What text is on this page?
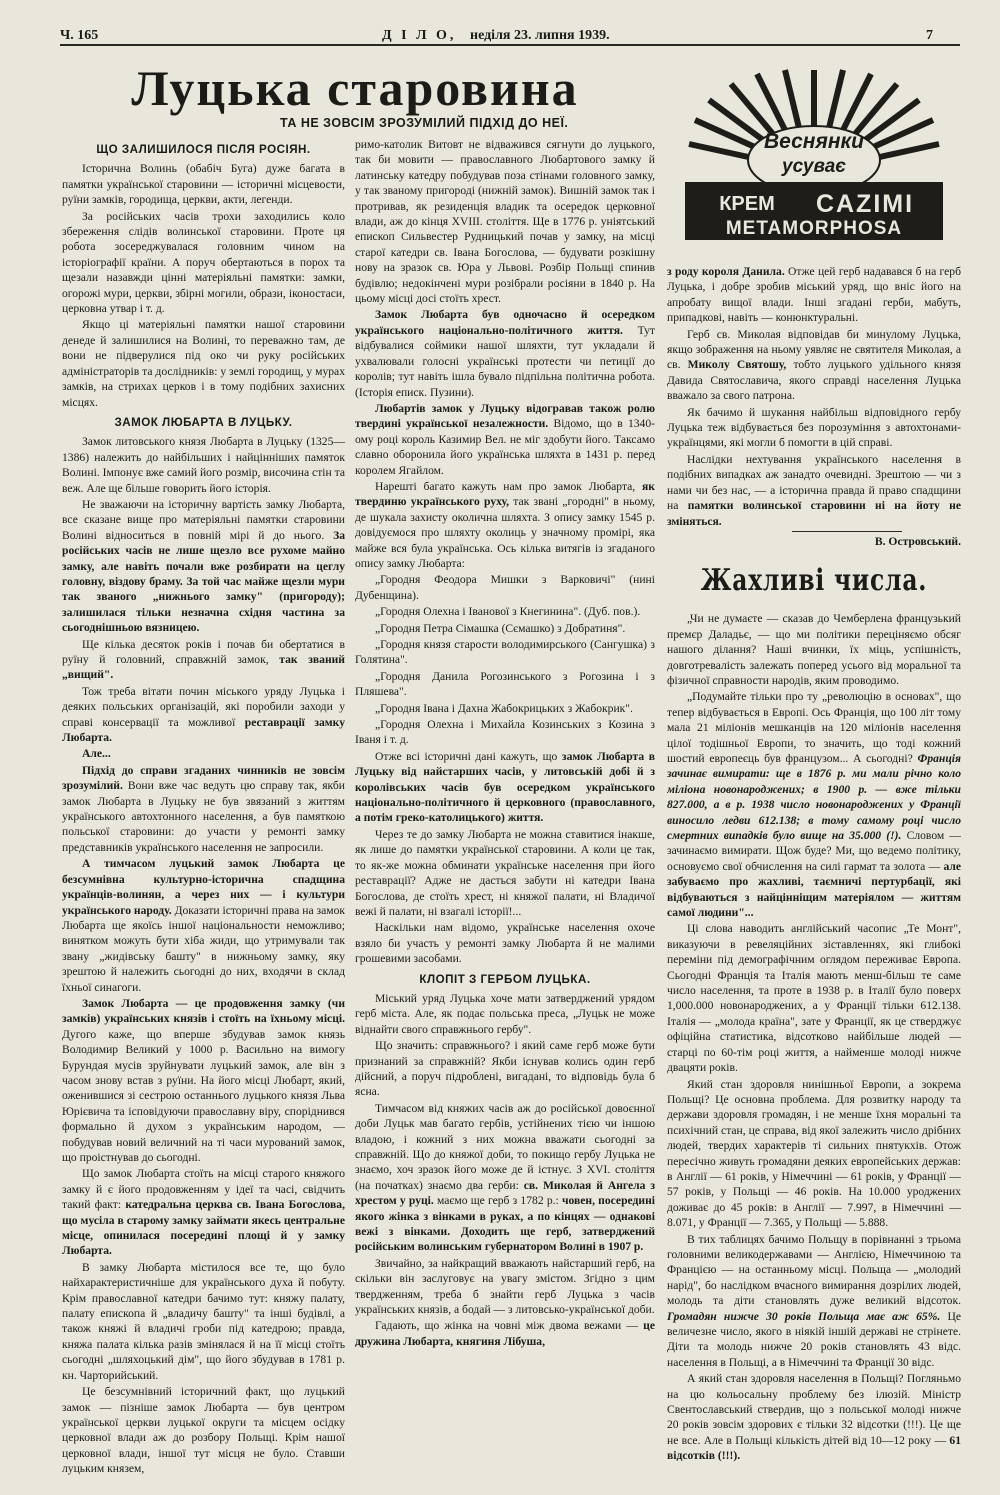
Ч. 165	Д І Л О, неділя 23. липня 1939.	7
Луцька старовина
ТА НЕ ЗОВСІМ ЗРОЗУМІЛИЙ ПІДХІД ДО НЕЇ.
Веснянки
усуває
КРЕМ CAZIMI
METAMORPHOSA
ЩО ЗАЛИШИЛОСЯ ПІСЛЯ РОСІЯН.

Історична Волинь (обабіч Буга) дуже багата в памятки української старовини — історичні місцевости, руїни замків, городища, церкви, акти, легенди.

За російських часів трохи заходились коло збереження слідів волинської старовини. Проте ця робота зосереджувалася головним чином на історіографії країни. А поруч обертаються в порох та щезали назавжди цінні матеріяльні памятки: замки, огорожі мури, церкви, збірні могили, образи, іконостаси, церковна утвар і т. д.

Якщо ці матеріяльні памятки нашої старовини денеде й залишилися на Волині, то переважно там, де вони не підверулися під око чи руку російських адміністраторів та дослідників: у землі городищ, у мурах замків, на стрихах церков і в тому подібних захисних місцях.

ЗАМОК ЛЮБАРТА В ЛУЦЬКУ.

Замок литовського князя Любарта в Луцьку (1325—1386) належить до найбільших і найцінніших памяток Волині. Імпонує вже самий його розмір, височина стін та веж. Але ще більше говорить його історія.

Не зважаючи на історичну вартість замку Любарта, все сказане вище про матеріяльні памятки старовини Волині відноситься в повній мірі й до нього. За російських часів не лише щезло все рухоме майно замку, але навіть почали вже розбирати на цеглу головну, віздову браму. За той час майже щезли мури так званого „нижнього замку" (пригороду); залишилася тільки незначна східня частина за сьогоднішньою вязницею.

Ще кілька десяток років і почав би обертатися в руїну й головний, справжній замок, так званий „вищий".

Тож треба вітати почин міського уряду Луцька і деяких польських організацій, які поробили заходи у справі консервації та можливої реставрації замку Любарта.

Але...

Підхід до справи згаданих чинників не зовсім зрозумілий. Вони вже час ведуть цю справу так, якби замок Любарта в Луцьку не був звязаний з життям українського автохтонного населення, а був памяткою польської старовини: до участи у ремонті замку представників українського населення не запросили.

А тимчасом луцький замок Любарта це безсумнівна культурно-історична спадщина українців-волинян, а через них — і культури українського народу. Доказати історичні права на замок Любарта ще якоїсь іншої національности неможливо; винятком можуть бути хіба жиди, що утримували так звану „жидівську башту" в нижньому замку, яку зрештою й належить сьогодні до них, входячи в склад їхньої синагоги.

Замок Любарта — це продовження замку (чи замків) українських князів і стоїть на їхньому місці. Дугого каже, що вперше збудував замок князь Володимир Великий у 1000 р. Васильно на вимогу Бурундая мусів зруйнувати луцький замок, але він з часом знову встав з руїни. На його місці Любарт, який, оженившися зі сестрою останнього луцького князя Льва Юрієвича та ісповідуючи православну віру, споріднився формально й духом з українським народом, — побудував новий величний на ті часи мурований замок, що проістнував до сьогодні.

Що замок Любарта стоїть на місці старого княжого замку й є його продовженням у ідеї та часі, свідчить такий факт: катедральна церква св. Івана Богослова, що мусіла в старому замку займати якесь центральне місце, опинилася посередині площі й у замку Любарта.

В замку Любарта містилося все те, що було найхарактеристичніше для українського духа й побуту. Крім православної катедри бачимо тут: княжу палату, палату епископа й „владичу башту" та інші будівлі, а також княжі й владичі гроби під катедрою; правда, княжа палата кілька разів змінялася й на її місці стоїть сьогодні „шляхоцький дім", що його збудував в 1781 р. кн. Чарторийський.

Це безсумнівний історичний факт, що луцький замок — пізніше замок Любарта — був центром української церкви луцької округи та місцем осідку церковної влади аж до розбору Польщі. Крім нашої церковної влади, іншої тут місця не було. Ставши луцьким князем,

римо-католик Витовт не відважився сягнути до луцького, так би мовити — православного Любартового замку й латинську катедру побудував поза стінами головного замку, у так званому пригороді (нижній замок). Вишній замок так і протривав, як резиденція владик та осередок церковної влади, аж до кінця XVIII. століття. Ще в 1776 р. уніятський епископ Сильвестер Рудницький почав у замку, на місці старої катедри св. Івана Богослова, — будувати розкішну нову на зразок св. Юра у Львові. Розбір Польщі спинив будівлю; недокінчені мури розібрали росіяни в 1840 р. На цьому місці досі стоїть хрест.

Замок Любарта був одночасно й осередком українського національно-політичного життя. Тут відбувалися соймики нашої шляхти, тут укладали й ухвалювали голосні українські протести чи петиції до королів; тут навіть ішла бувало підпільна політична робота. (Історія еписк. Пузини).

Любартів замок у Луцьку відогравав також ролю твердині української незалежности. Відомо, що в 1340-ому році король Казимир Вел. не міг здобути його. Таксамо славно оборонила його українська шляхта в 1431 р. перед королем Ягайлом.

Нарешті багато кажуть нам про замок Любарта, як твердиню українського руху, так звані „городні" в ньому, де шукала захисту околична шляхта. З опису замку 1545 р. довідуємося про шляхту околиць у значному промірі, яка майже вся була українська. Ось кілька витягів із згаданого опису замку Любарта:

„Городня Феодора Мишки з Варковичі" (нині Дубенщина).

„Городня Олехна і Іванової з Кнегинина". (Дуб. пов.).

„Городня Петра Сімашка (Сємашко) з Добратиня".

„Городня князя старости володимирського (Сангушка) з Голятина".

„Городня Данила Рогозинського з Рогозина і з Пляшева".

„Городня Івана і Дахна Жабокрицьких з Жабокрик".

„Городня Олехна і Михайла Козинських з Козина з Іваня і т. д.

Отже всі історичні дані кажуть, що замок Любарта в Луцьку від найстарших часів, у литовській добі й з королівських часів був осередком українського національно-політичного й церковного (православного, а потім греко-католицького) життя.

Через те до замку Любарта не можна ставитися інакше, як лише до памятки української старовини. А коли це так, то як-же можна обминати українське населення при його реставрації? Адже не дасться забути ні катедри Івана Богослова, де стоїть хрест, ні княжої палати, ні Владичої вежі й палати, ні взагалі історії!...

Наскільки нам відомо, українське населення охоче взяло би участь у ремонті замку Любарта й не малими грошевими засобами.

КЛОПІТ З ГЕРБОМ ЛУЦЬКА.

Міський уряд Луцька хоче мати затверджений урядом герб міста. Але, як подає польська преса, „Луцьк не може віднайти свого справжнього гербу".

Що значить: справжнього? і який саме герб може бути признаний за справжній? Якби існував колись один герб дійсний, а поруч підроблені, вигадані, то відповідь була б ясна.

Тимчасом від княжих часів аж до російської довоєнної доби Луцьк мав багато гербів, устійнених тією чи іншою владою, і кожний з них можна вважати сьогодні за справжній. Що до княжої доби, то покищо гербу Луцька не знаємо, хоч зразок його може де й істнує. З XVI. століття (на початках) знаємо два герби: св. Миколая й Ангела з хрестом у руці. маємо ще герб з 1782 р.: човен, посередині якого жінка з вінками в руках, а по кінцях — однакові вежі з вінками. Доходить ще герб, затверджений російським волинським губернатором Волині в 1907 р.

Звичайно, за найкращий вважають найстарший герб, на скільки він заслуговує на увагу змістом. Згідно з цим твердженням, треба б знайти герб Луцька з часів українських князів, а бодай — з литовсько-української доби.

Гадають, що жінка на човні між двома вежами — це дружина Любарта, княгиня Лібуша,

з роду короля Данила. Отже цей герб надавався б на герб Луцька, і добре зробив міський уряд, що вніс його на апробату вищої влади. Інші згадані герби, мабуть, припадкові, навіть — конюнктуральні.

Герб св. Миколая відповідав би минулому Луцька, якщо зображення на ньому уявляє не святителя Миколая, а св. Миколу Святошу, тобто луцького удільного князя Давида Святославича, якого справді населення Луцька вважало за свого патрона.

Як бачимо й шукання найбільш відповідного гербу Луцька теж відбувається без порозуміння з автохтонами-українцями, які могли б помогти в цій справі.

Наслідки нехтування українського населення в подібних випадках аж занадто очевидні. Зрештою — чи з нами чи без нас, — а історична правда й право спадщини на памятки волинської старовини ні на йоту не зміняться.

В. Островський.
Жахливі числа.

„Чи не думаєте — сказав до Чемберлена французький премєр Даладьє, — що ми політики переціняємо обсяг нашого ділання? Наші вчинки, їх міць, успішність, довготреваліcть залежать поперед усього від моральної та фізичної справности народів, яким проводимо.

„Подумайте тільки про ту „революцію в основах", що тепер відбувається в Европі. Ось Франція, що 100 літ тому мала 21 міліонів мешканців на 120 міліонів населення цілої тодішньої Европи, то значить, що тоді кожний шостий европеєць був французом... А сьогодні? Франція зачинає вимирати: ще в 1876 р. ми мали річно коло міліона новонароджених; в 1900 р. — вже тільки 827.000, а в р. 1938 число новонароджених у Франції виносило ледви 612.138; в тому самому році число смертних випадків було вище на 35.000 (!). Словом — зачинаємо вимирати. Щож буде? Ми, що ведемо політику, основуємо свої обчислення на силі гармат та золота — але забуваємо про жахливі, таємничі пертурбації, які відбуваються з найцінніщим матеріялом — життям самої людини"...

Ці слова наводить англійський часопис „Те Монт", виказуючи в ревеляційних зіставленнях, які глибокі переміни під демографічним оглядом переживає Европа. Сьогодні Франція та Італія мають менш-більш те саме число населення, та проте в 1938 р. в Італії було поверх 1,000.000 новонароджених, а у Франції тільки 612.138. Італія — „молода країна", зате у Франції, як це стверджує офіційна статистика, відсотково найбільше людей — старці по 60-тім році життя, а найменше молоді нижче двацяти років.

Який стан здоровля нинішньої Европи, а зокрема Польщі? Це основна проблема. Для розвитку народу та держави здоровля громадян, і не менше їхня моральні та психічний стан, це справа, від якої залежить число дрібних людей, твердих характерів ті сильних пнятукхів. Отож пересічно живуть громадяни деяких европейських держав: в Англії — 61 років, у Німеччині — 61 років, у Франції — 57 років, у Польщі — 46 років. На 10.000 уроджених доживає до 45 років: в Англії — 7.997, в Німеччині — 8.071, у Франції — 7.365, у Польщі — 5.888.

В тих таблицях бачимо Польщу в порівнанні з трьома головними великодержавами — Англією, Німеччиною та Францією — на останньому місці. Польща — „молодий нарід", бо наслідком вчасного вимирання дозрілих людей, молодь та діти становлять дуже великий відсоток. Громадян нижче 30 років Польща має аж 65%. Це величезне число, якого в ніякій іншій державі не стрінете. Діти та молодь нижче 20 років становлять 43 відс. населення в Польщі, а в Німеччині та Франції 30 відс.

А який стан здоровля населення в Польщі? Погляньмо на цю кольосальну проблему без ілюзій. Міністр Свентославський ствердив, що з польської молоді нижче 20 років зовсім здорових є тільки 32 відсотки (!!!). Це ще не все. Але в Польщі кількість дітей від 10—12 року — 61 відсотків (!!!).
